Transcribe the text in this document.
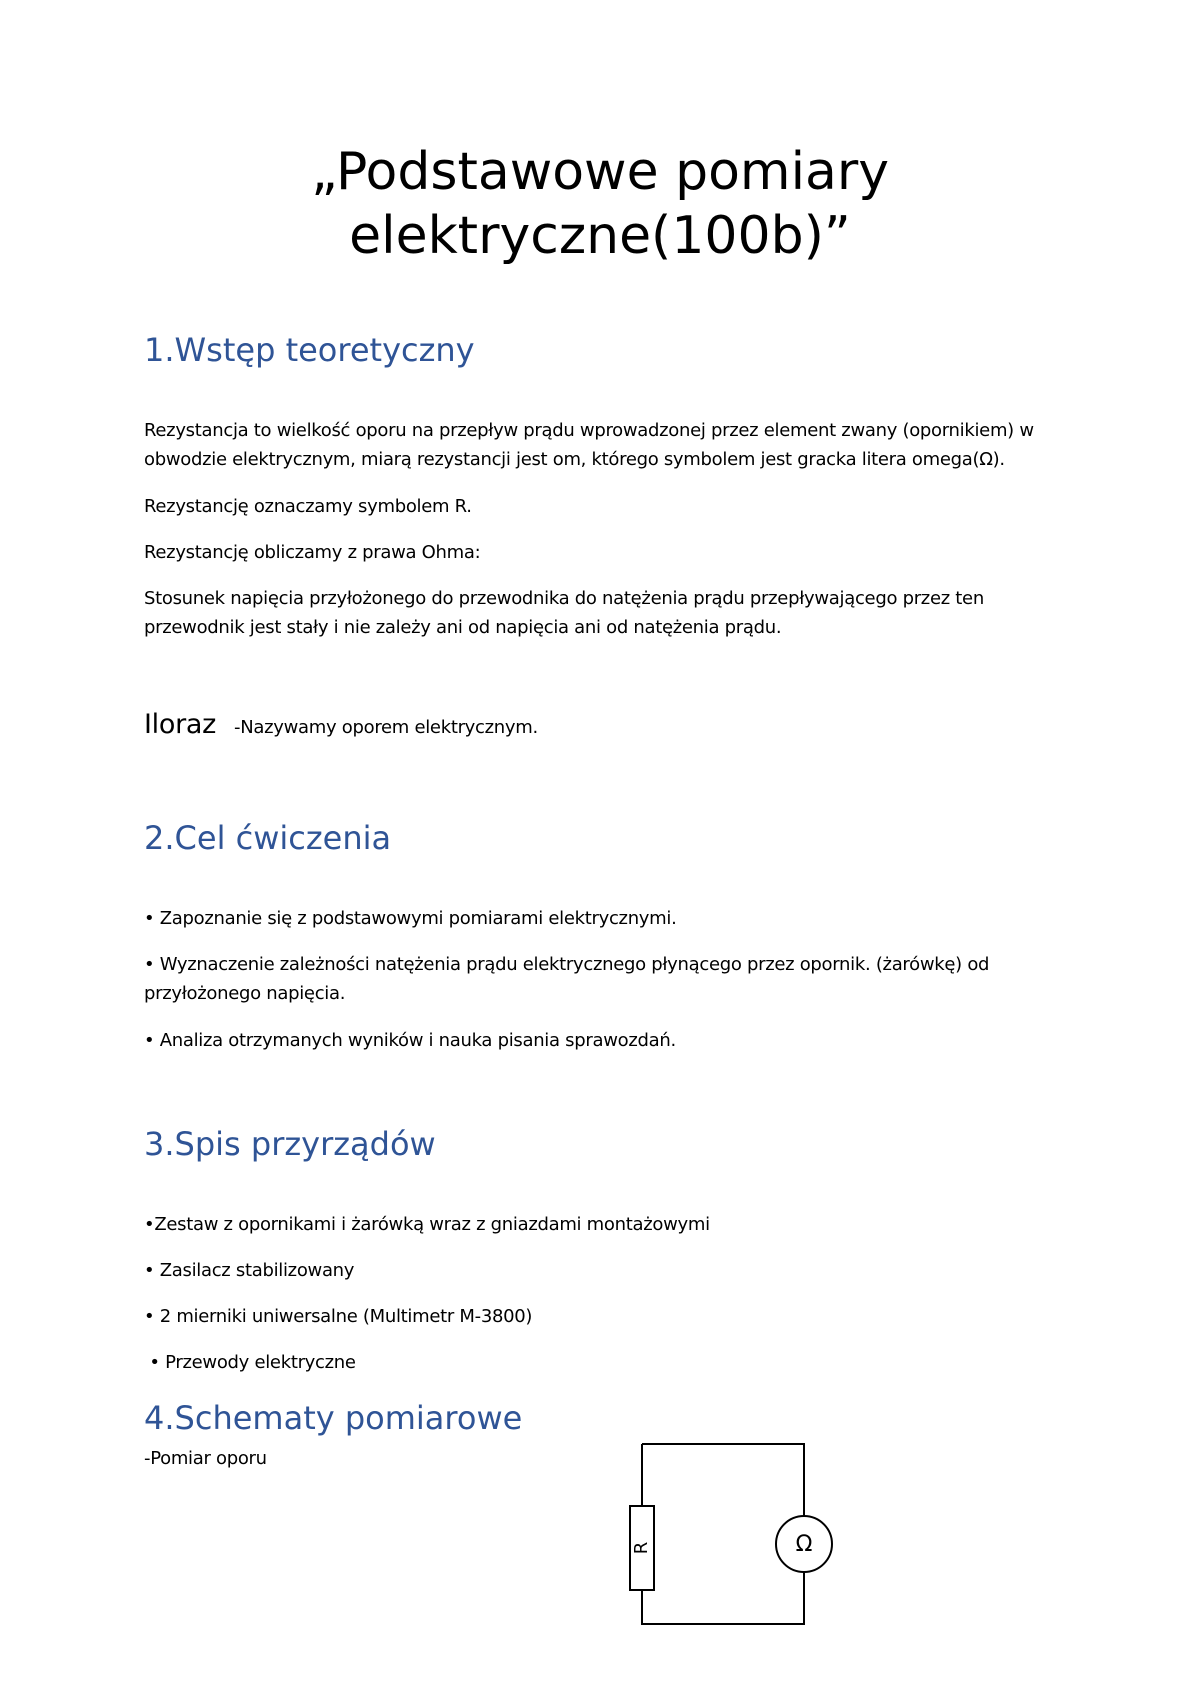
„Podstawowe pomiary
elektryczne(100b)”
1.Wstęp teoretyczny

Rezystancja to wielkość oporu na przepływ prądu wprowadzonej przez element zwany (opornikiem) w
obwodzie elektrycznym, miarą rezystancji jest om, którego symbolem jest gracka litera omega(Ω).

Rezystancję oznaczamy symbolem R.

Rezystancję obliczamy z prawa Ohma:

Stosunek napięcia przyłożonego do przewodnika do natężenia prądu przepływającego przez ten
przewodnik jest stały i nie zależy ani od napięcia ani od natężenia prądu.

Iloraz -Nazywamy oporem elektrycznym.

2.Cel ćwiczenia

• Zapoznanie się z podstawowymi pomiarami elektrycznymi.

• Wyznaczenie zależności natężenia prądu elektrycznego płynącego przez opornik. (żarówkę) od
przyłożonego napięcia.

• Analiza otrzymanych wyników i nauka pisania sprawozdań.

3.Spis przyrządów

•Zestaw z opornikami i żarówką wraz z gniazdami montażowymi

• Zasilacz stabilizowany

• 2 mierniki uniwersalne (Multimetr M-3800)

• Przewody elektryczne

4.Schematy pomiarowe

-Pomiar oporu

R	Ω
